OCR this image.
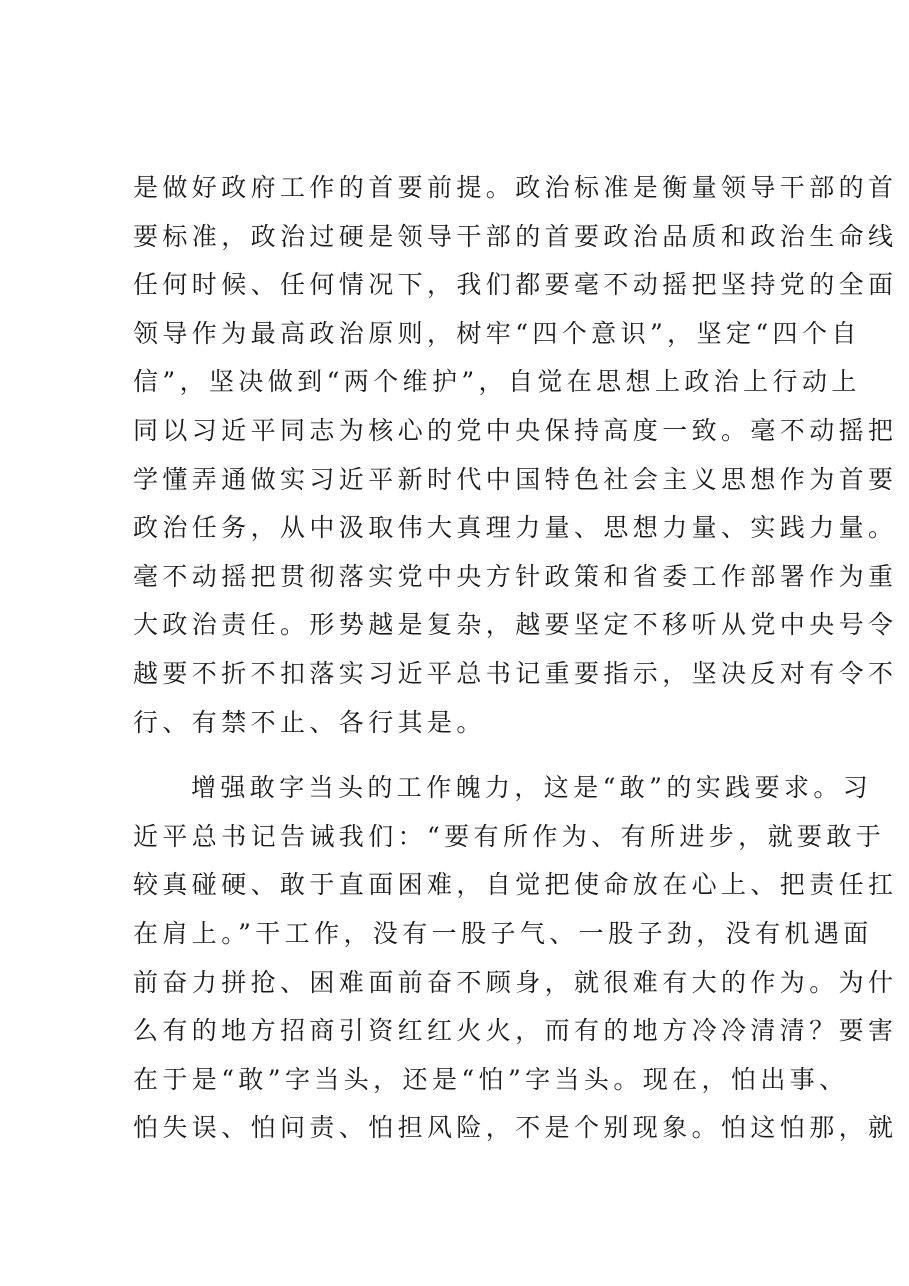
是做好政府工作的首要前提。政治标准是衡量领导干部的首
要标准，政治过硬是领导干部的首要政治品质和政治生命线
任何时候、任何情况下，我们都要毫不动摇把坚持党的全面
领导作为最高政治原则，树牢“四个意识”，坚定“四个自
信”，坚决做到“两个维护”，自觉在思想上政治上行动上
同以习近平同志为核心的党中央保持高度一致。毫不动摇把
学懂弄通做实习近平新时代中国特色社会主义思想作为首要
政治任务，从中汲取伟大真理力量、思想力量、实践力量。
毫不动摇把贯彻落实党中央方针政策和省委工作部署作为重
大政治责任。形势越是复杂，越要坚定不移听从党中央号令
越要不折不扣落实习近平总书记重要指示，坚决反对有令不
行、有禁不止、各行其是。
增强敢字当头的工作魄力，这是“敢”的实践要求。习
近平总书记告诫我们：“要有所作为、有所进步，就要敢于
较真碰硬、敢于直面困难，自觉把使命放在心上、把责任扛
在肩上。”干工作，没有一股子气、一股子劲，没有机遇面
前奋力拼抢、困难面前奋不顾身，就很难有大的作为。为什
么有的地方招商引资红红火火，而有的地方冷冷清清？要害
在于是“敢”字当头，还是“怕”字当头。现在，怕出事、
怕失误、怕问责、怕担风险，不是个别现象。怕这怕那，就
